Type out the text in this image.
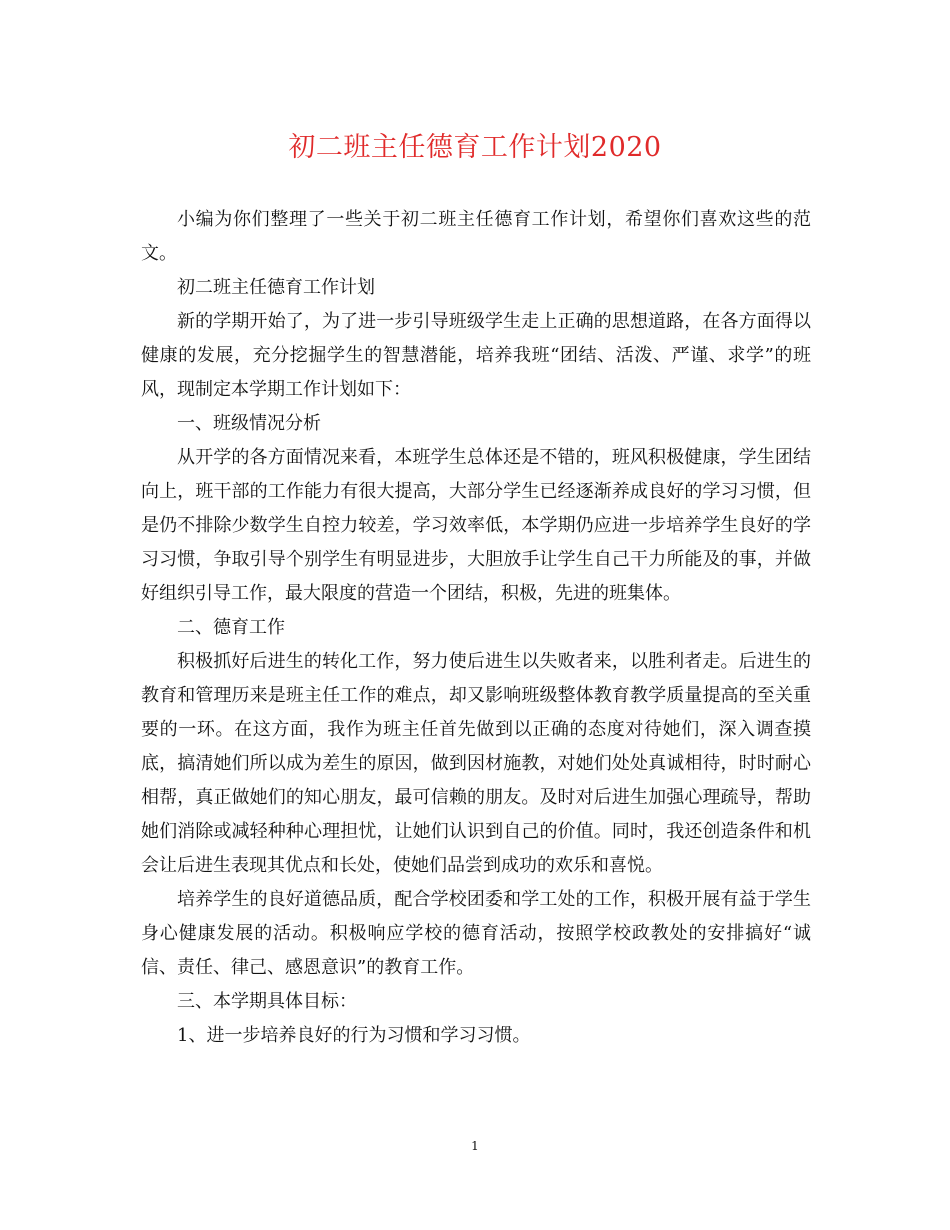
初二班主任德育工作计划2020

小编为你们整理了一些关于初二班主任德育工作计划，希望你们喜欢这些的范文。

初二班主任德育工作计划

新的学期开始了，为了进一步引导班级学生走上正确的思想道路，在各方面得以健康的发展，充分挖掘学生的智慧潜能，培养我班“团结、活泼、严谨、求学”的班风，现制定本学期工作计划如下：

一、班级情况分析

从开学的各方面情况来看，本班学生总体还是不错的，班风积极健康，学生团结向上，班干部的工作能力有很大提高，大部分学生已经逐渐养成良好的学习习惯，但是仍不排除少数学生自控力较差，学习效率低，本学期仍应进一步培养学生良好的学习习惯，争取引导个别学生有明显进步，大胆放手让学生自己干力所能及的事，并做好组织引导工作，最大限度的营造一个团结，积极，先进的班集体。

二、德育工作

积极抓好后进生的转化工作，努力使后进生以失败者来，以胜利者走。后进生的教育和管理历来是班主任工作的难点，却又影响班级整体教育教学质量提高的至关重要的一环。在这方面，我作为班主任首先做到以正确的态度对待她们，深入调查摸底，搞清她们所以成为差生的原因，做到因材施教，对她们处处真诚相待，时时耐心相帮，真正做她们的知心朋友，最可信赖的朋友。及时对后进生加强心理疏导，帮助她们消除或减轻种种心理担忧，让她们认识到自己的价值。同时，我还创造条件和机会让后进生表现其优点和长处，使她们品尝到成功的欢乐和喜悦。

培养学生的良好道德品质，配合学校团委和学工处的工作，积极开展有益于学生身心健康发展的活动。积极响应学校的德育活动，按照学校政教处的安排搞好“诚信、责任、律己、感恩意识”的教育工作。

三、本学期具体目标：

1、进一步培养良好的行为习惯和学习习惯。

1
